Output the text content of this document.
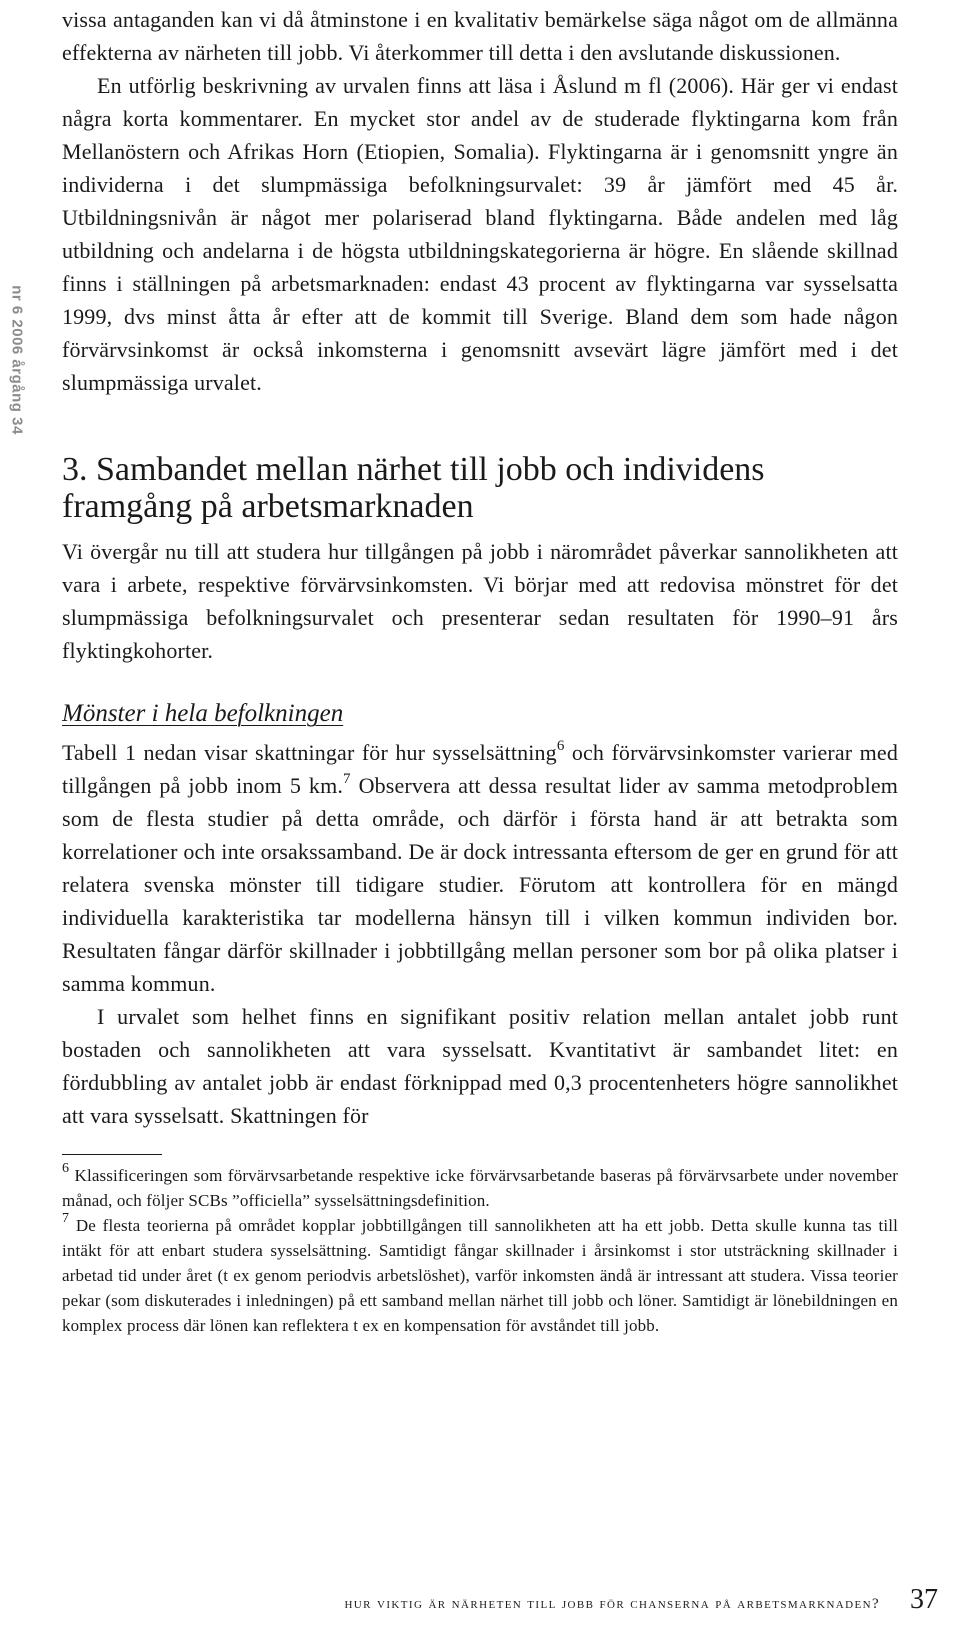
nr 6 2006 årgång 34

vissa antaganden kan vi då åtminstone i en kvalitativ bemärkelse säga något om de allmänna effekterna av närheten till jobb. Vi återkommer till detta i den avslutande diskussionen.

En utförlig beskrivning av urvalen finns att läsa i Åslund m fl (2006). Här ger vi endast några korta kommentarer. En mycket stor andel av de studerade flyktingarna kom från Mellanöstern och Afrikas Horn (Etiopien, Somalia). Flyktingarna är i genomsnitt yngre än individerna i det slumpmässiga befolkningsurvalet: 39 år jämfört med 45 år. Utbildningsnivån är något mer polariserad bland flyktingarna. Både andelen med låg utbildning och andelarna i de högsta utbildningskategorierna är högre. En slående skillnad finns i ställningen på arbetsmarknaden: endast 43 procent av flyktingarna var sysselsatta 1999, dvs minst åtta år efter att de kommit till Sverige. Bland dem som hade någon förvärvsinkomst är också inkomsterna i genomsnitt avsevärt lägre jämfört med i det slumpmässiga urvalet.

3. Sambandet mellan närhet till jobb och individens
framgång på arbetsmarknaden

Vi övergår nu till att studera hur tillgången på jobb i närområdet påverkar sannolikheten att vara i arbete, respektive förvärvsinkomsten. Vi börjar med att redovisa mönstret för det slumpmässiga befolkningsurvalet och presenterar sedan resultaten för 1990–91 års flyktingkohorter.

Mönster i hela befolkningen

Tabell 1 nedan visar skattningar för hur sysselsättning$^6$ och förvärvsinkomster varierar med tillgången på jobb inom 5 km.$^7$ Observera att dessa resultat lider av samma metodproblem som de flesta studier på detta område, och därför i första hand är att betrakta som korrelationer och inte orsakssamband. De är dock intressanta eftersom de ger en grund för att relatera svenska mönster till tidigare studier. Förutom att kontrollera för en mängd individuella karakteristika tar modellerna hänsyn till i vilken kommun individen bor. Resultaten fångar därför skillnader i jobbtillgång mellan personer som bor på olika platser i samma kommun.

I urvalet som helhet finns en signifikant positiv relation mellan antalet jobb runt bostaden och sannolikheten att vara sysselsatt. Kvantitativt är sambandet litet: en fördubbling av antalet jobb är endast förknippad med 0,3 procentenheters högre sannolikhet att vara sysselsatt. Skattningen för

$^6$ Klassificeringen som förvärvsarbetande respektive icke förvärvsarbetande baseras på förvärvsarbete under november månad, och följer SCBs ”officiella” sysselsättningsdefinition.

$^7$ De flesta teorierna på området kopplar jobbtillgången till sannolikheten att ha ett jobb. Detta skulle kunna tas till intäkt för att enbart studera sysselsättning. Samtidigt fångar skillnader i årsinkomst i stor utsträckning skillnader i arbetad tid under året (t ex genom periodvis arbetslöshet), varför inkomsten ändå är intressant att studera. Vissa teorier pekar (som diskuterades i inledningen) på ett samband mellan närhet till jobb och löner. Samtidigt är lönebildningen en komplex process där lönen kan reflektera t ex en kompensation för avståndet till jobb.

hur viktig är närheten till jobb för chanserna på arbetsmarknaden? 37
